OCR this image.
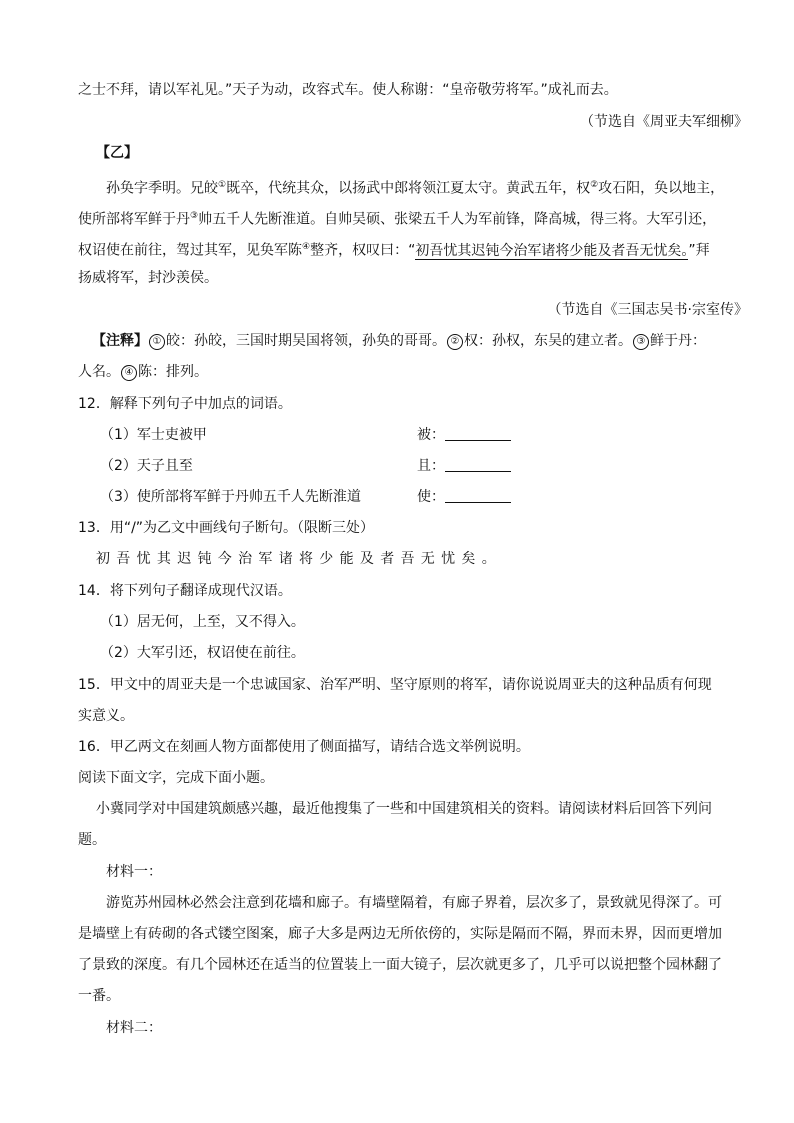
之士不拜，请以军礼见。”天子为动，改容式车。使人称谢：“皇帝敬劳将军。”成礼而去。
（节选自《周亚夫军细柳》
【乙】
孙奂字季明。兄皎①既卒，代统其众，以扬武中郎将领江夏太守。黄武五年，权②攻石阳，奂以地主，
使所部将军鲜于丹③帅五千人先断淮道。自帅吴硕、张梁五千人为军前锋，降高城，得三将。大军引还，
权诏使在前往，驾过其军，见奂军陈④整齐，权叹曰：“初吾忧其迟钝今治军诸将少能及者吾无忧矣。”拜
扬威将军，封沙羡侯。
（节选自《三国志吴书·宗室传》
【注释】 ① 皎：孙皎，三国时期吴国将领，孙奂的哥哥。 ② 权：孙权，东吴的建立者。 ③ 鲜于丹：
人名。 ④ 陈：排列。
12．解释下列句子中加点的词语。
（1）军士吏被甲	被：
（2）天子且至	且：
（3）使所部将军鲜于丹帅五千人先断淮道	使：
13．用“/”为乙文中画线句子断句。（限断三处）
初吾忧其迟钝今治军诸将少能及者吾无忧矣。
14．将下列句子翻译成现代汉语。
（1）居无何，上至，又不得入。
（2）大军引还，权诏使在前往。
15．甲文中的周亚夫是一个忠诚国家、治军严明、坚守原则的将军，请你说说周亚夫的这种品质有何现
实意义。
16．甲乙两文在刻画人物方面都使用了侧面描写，请结合选文举例说明。
阅读下面文字，完成下面小题。
小冀同学对中国建筑颇感兴趣，最近他搜集了一些和中国建筑相关的资料。请阅读材料后回答下列问
题。
材料一：
游览苏州园林必然会注意到花墙和廊子。有墙壁隔着，有廊子界着，层次多了，景致就见得深了。可
是墙壁上有砖砌的各式镂空图案，廊子大多是两边无所依傍的，实际是隔而不隔，界而未界，因而更增加
了景致的深度。有几个园林还在适当的位置装上一面大镜子，层次就更多了，几乎可以说把整个园林翻了
一番。
材料二：
